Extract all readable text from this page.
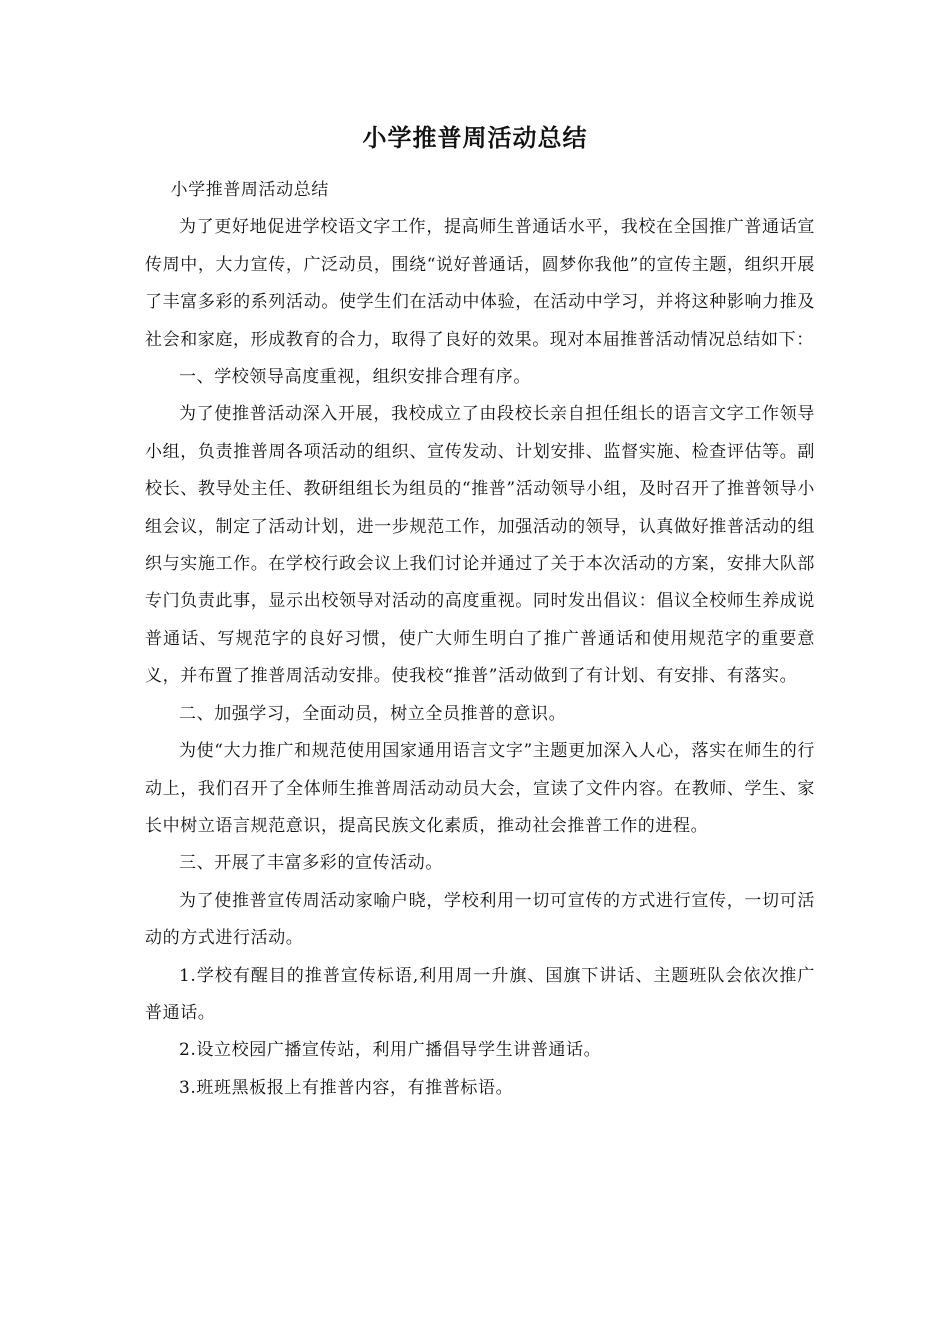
小学推普周活动总结

小学推普周活动总结

为了更好地促进学校语文字工作，提高师生普通话水平，我校在全国推广普通话宣传周中，大力宣传，广泛动员，围绕“说好普通话，圆梦你我他”的宣传主题，组织开展了丰富多彩的系列活动。使学生们在活动中体验，在活动中学习，并将这种影响力推及社会和家庭，形成教育的合力，取得了良好的效果。现对本届推普活动情况总结如下：

一、学校领导高度重视，组织安排合理有序。

为了使推普活动深入开展，我校成立了由段校长亲自担任组长的语言文字工作领导小组，负责推普周各项活动的组织、宣传发动、计划安排、监督实施、检查评估等。副校长、教导处主任、教研组组长为组员的“推普”活动领导小组，及时召开了推普领导小组会议，制定了活动计划，进一步规范工作，加强活动的领导，认真做好推普活动的组织与实施工作。在学校行政会议上我们讨论并通过了关于本次活动的方案，安排大队部专门负责此事，显示出校领导对活动的高度重视。同时发出倡议：倡议全校师生养成说普通话、写规范字的良好习惯，使广大师生明白了推广普通话和使用规范字的重要意义，并布置了推普周活动安排。使我校“推普”活动做到了有计划、有安排、有落实。

二、加强学习，全面动员，树立全员推普的意识。

为使“大力推广和规范使用国家通用语言文字”主题更加深入人心，落实在师生的行动上，我们召开了全体师生推普周活动动员大会，宣读了文件内容。在教师、学生、家长中树立语言规范意识，提高民族文化素质，推动社会推普工作的进程。

三、开展了丰富多彩的宣传活动。

为了使推普宣传周活动家喻户晓，学校利用一切可宣传的方式进行宣传，一切可活动的方式进行活动。

1.学校有醒目的推普宣传标语,利用周一升旗、国旗下讲话、主题班队会依次推广普通话。

2.设立校园广播宣传站，利用广播倡导学生讲普通话。

3.班班黑板报上有推普内容，有推普标语。
